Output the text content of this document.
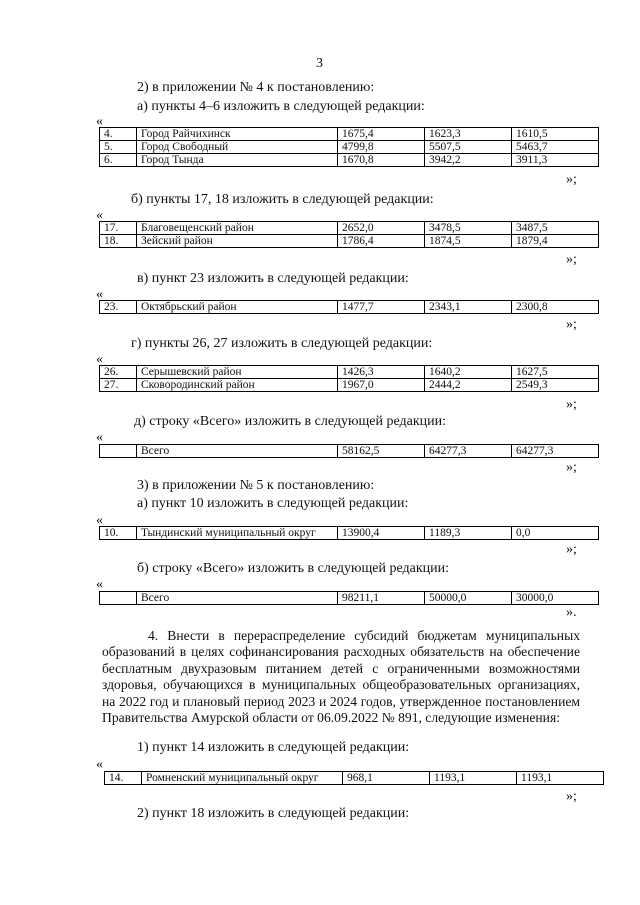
3
2) в приложении № 4 к постановлению:
а) пункты 4–6 изложить в следующей редакции:
«
4.	Город Райчихинск	1675,4	1623,3	1610,5
5.	Город Свободный	4799,8	5507,5	5463,7
6.	Город Тында	1670,8	3942,2	3911,3
»;
б) пункты 17, 18 изложить в следующей редакции:
«
17.	Благовещенский район	2652,0	3478,5	3487,5
18.	Зейский район	1786,4	1874,5	1879,4
»;
в) пункт 23 изложить в следующей редакции:
«
23.	Октябрьский район	1477,7	2343,1	2300,8
»;
г) пункты 26, 27 изложить в следующей редакции:
«
26.	Серышевский район	1426,3	1640,2	1627,5
27.	Сковородинский район	1967,0	2444,2	2549,3
»;
д) строку «Всего» изложить в следующей редакции:
«
	Всего	58162,5	64277,3	64277,3
»;
3) в приложении № 5 к постановлению:
а) пункт 10 изложить в следующей редакции:
«
10.	Тындинский муниципальный округ	13900,4	1189,3	0,0
»;
б) строку «Всего» изложить в следующей редакции:
«
	Всего	98211,1	50000,0	30000,0
».
4. Внести в перераспределение субсидий бюджетам муниципальных образований в целях софинансирования расходных обязательств на обеспечение бесплатным двухразовым питанием детей с ограниченными возможностями здоровья, обучающихся в муниципальных общеобразовательных организациях, на 2022 год и плановый период 2023 и 2024 годов, утвержденное постановлением Правительства Амурской области от 06.09.2022 № 891, следующие изменения:
1) пункт 14 изложить в следующей редакции:
«
14.	Ромненский муниципальный округ	968,1	1193,1	1193,1
»;
2) пункт 18 изложить в следующей редакции:
